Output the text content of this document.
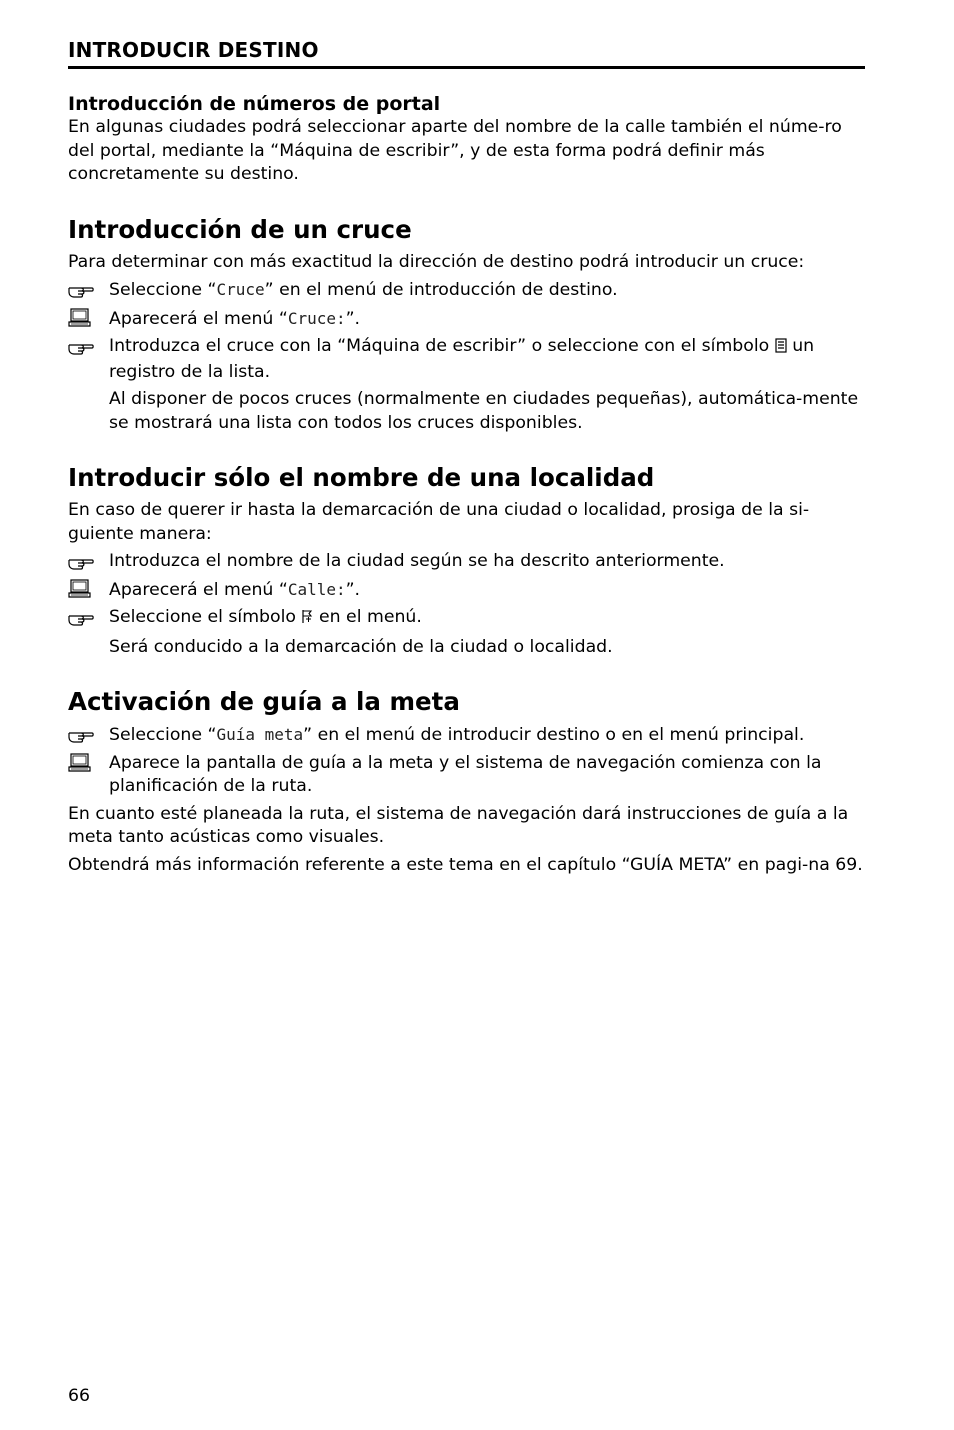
INTRODUCIR DESTINO
Introducción de números de portal

En algunas ciudades podrá seleccionar aparte del nombre de la calle también el núme-ro del portal, mediante la “Máquina de escribir”, y de esta forma podrá definir más concretamente su destino.

Introducción de un cruce

Para determinar con más exactitud la dirección de destino podrá introducir un cruce:

Seleccione “Cruce” en el menú de introducción de destino.
Aparecerá el menú “Cruce:”.
Introduzca el cruce con la “Máquina de escribir” o seleccione con el símbolo un registro de la lista.

Al disponer de pocos cruces (normalmente en ciudades pequeñas), automática-mente se mostrará una lista con todos los cruces disponibles.

Introducir sólo el nombre de una localidad

En caso de querer ir hasta la demarcación de una ciudad o localidad, prosiga de la si-guiente manera:

Introduzca el nombre de la ciudad según se ha descrito anteriormente.
Aparecerá el menú “Calle:”.
Seleccione el símbolo en el menú.

Será conducido a la demarcación de la ciudad o localidad.

Activación de guía a la meta
Seleccione “Guía meta” en el menú de introducir destino o en el menú principal.
Aparece la pantalla de guía a la meta y el sistema de navegación comienza con la planificación de la ruta.

En cuanto esté planeada la ruta, el sistema de navegación dará instrucciones de guía a la meta tanto acústicas como visuales.

Obtendrá más información referente a este tema en el capítulo “GUÍA META” en pagi-na 69.

66
